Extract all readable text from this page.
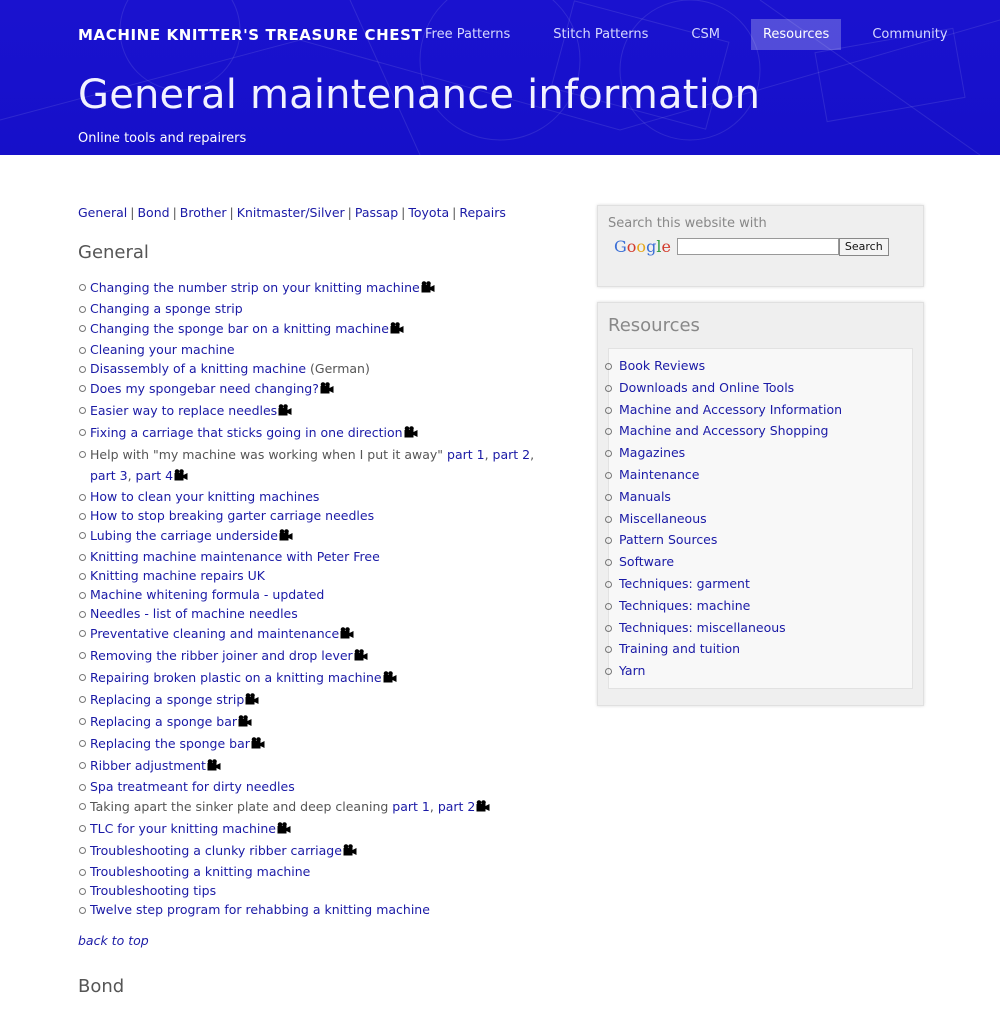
MACHINE KNITTER'S TREASURE CHEST Free Patterns	Stitch Patterns	CSM	Resources	Community
General maintenance information
Online tools and repairers
General | Bond | Brother | Knitmaster/Silver | Passap | Toyota | Repairs
General
Changing the number strip on your knitting machine
Changing a sponge strip
Changing the sponge bar on a knitting machine
Cleaning your machine
Disassembly of a knitting machine (German)
Does my spongebar need changing?
Easier way to replace needles
Fixing a carriage that sticks going in one direction
Help with "my machine was working when I put it away" part 1, part 2, part 3, part 4
How to clean your knitting machines
How to stop breaking garter carriage needles
Lubing the carriage underside
Knitting machine maintenance with Peter Free
Knitting machine repairs UK
Machine whitening formula - updated
Needles - list of machine needles
Preventative cleaning and maintenance
Removing the ribber joiner and drop lever
Repairing broken plastic on a knitting machine
Replacing a sponge strip
Replacing a sponge bar
Replacing the sponge bar
Ribber adjustment
Spa treatmeant for dirty needles
Taking apart the sinker plate and deep cleaning part 1, part 2
TLC for your knitting machine
Troubleshooting a clunky ribber carriage
Troubleshooting a knitting machine
Troubleshooting tips
Twelve step program for rehabbing a knitting machine
back to top
Bond
Search this website with
Google	Search
Resources
Book Reviews
Downloads and Online Tools
Machine and Accessory Information
Machine and Accessory Shopping
Magazines
Maintenance
Manuals
Miscellaneous
Pattern Sources
Software
Techniques: garment
Techniques: machine
Techniques: miscellaneous
Training and tuition
Yarn
